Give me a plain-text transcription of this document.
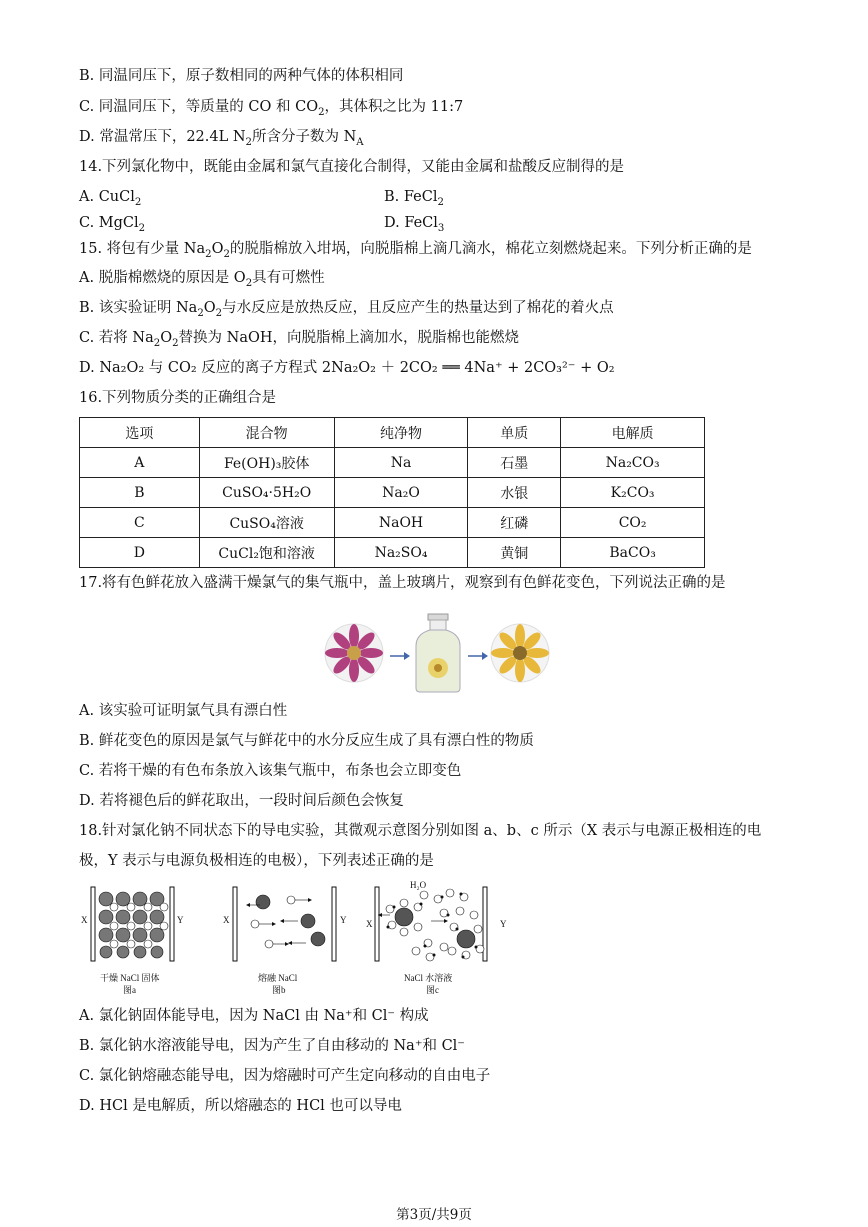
B. 同温同压下，原子数相同的两种气体的体积相同
C. 同温同压下，等质量的 CO 和 $CO_2$，其体积之比为 11:7
D. 常温常压下，22.4L $N_2$所含分子数为 $N_A$
14.下列氯化物中，既能由金属和氯气直接化合制得，又能由金属和盐酸反应制得的是
A. CuCl$_2$	B. FeCl$_2$
C. MgCl$_2$	D. FeCl$_3$
15. 将包有少量 $Na_2O_2$的脱脂棉放入坩埚，向脱脂棉上滴几滴水，棉花立刻燃烧起来。下列分析正确的是
A. 脱脂棉燃烧的原因是 $O_2$具有可燃性
B. 该实验证明 $Na_2O_2$与水反应是放热反应，且反应产生的热量达到了棉花的着火点
C. 若将 $Na_2O_2$替换为 NaOH，向脱脂棉上滴加水，脱脂棉也能燃烧
D. Na₂O₂ 与 CO₂ 反应的离子方程式 2Na₂O₂ ＋ 2CO₂ ══ 4Na⁺ + 2CO₃²⁻ + O₂
16.下列物质分类的正确组合是
选项	混合物	纯净物	单质	电解质
A	Fe(OH)₃胶体	Na	石墨	Na₂CO₃
B	CuSO₄·5H₂O	Na₂O	水银	K₂CO₃
C	CuSO₄溶液	NaOH	红磷	CO₂
D	CuCl₂饱和溶液	Na₂SO₄	黄铜	BaCO₃
17.将有色鲜花放入盛满干燥氯气的集气瓶中，盖上玻璃片，观察到有色鲜花变色，下列说法正确的是
A. 该实验可证明氯气具有漂白性
B. 鲜花变色的原因是氯气与鲜花中的水分反应生成了具有漂白性的物质
C. 若将干燥的有色布条放入该集气瓶中，布条也会立即变色
D. 若将褪色后的鲜花取出，一段时间后颜色会恢复
18.针对氯化钠不同状态下的导电实验，其微观示意图分别如图 a、b、c 所示（X 表示与电源正极相连的电
极，Y 表示与电源负极相连的电极），下列表述正确的是
X	Y
干燥 NaCl 固体
图a
X	Y
熔融 NaCl
图b
X	Y
H₂O
NaCl 水溶液
图c
A. 氯化钠固体能导电，因为 NaCl 由 Na⁺和 Cl⁻ 构成
B. 氯化钠水溶液能导电，因为产生了自由移动的 Na⁺和 Cl⁻
C. 氯化钠熔融态能导电，因为熔融时可产生定向移动的自由电子
D. HCl 是电解质，所以熔融态的 HCl 也可以导电
第3页/共9页
